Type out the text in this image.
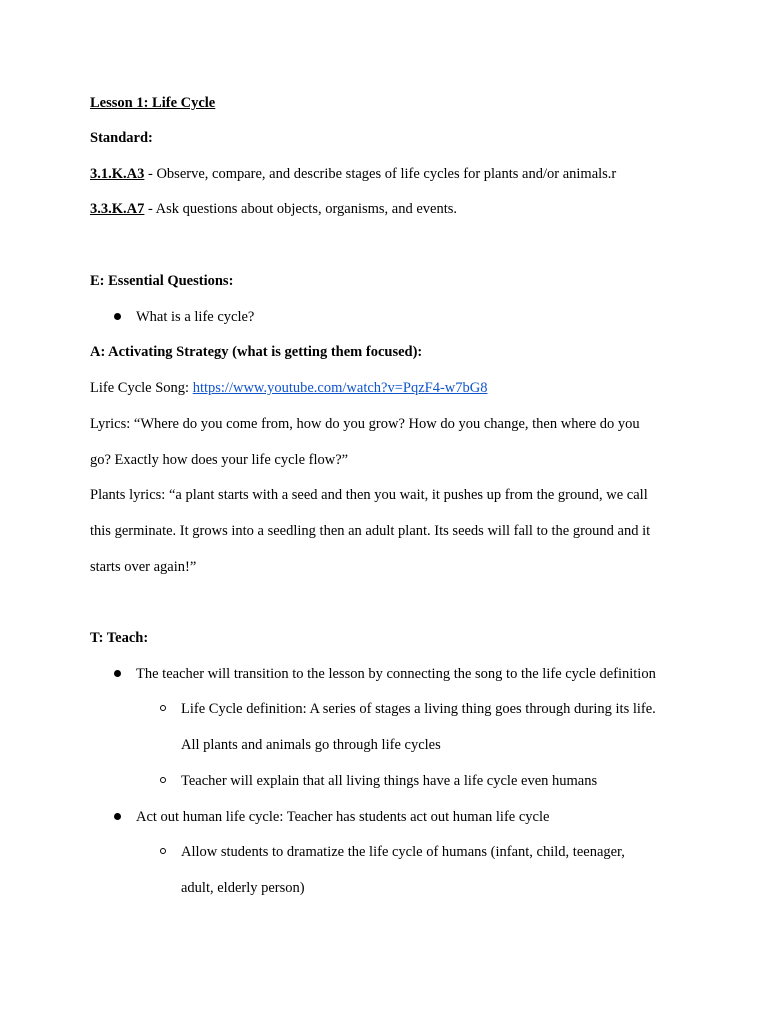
Lesson 1: Life Cycle
Standard:
3.1.K.A3 - Observe, compare, and describe stages of life cycles for plants and/or animals.r
3.3.K.A7 - Ask questions about objects, organisms, and events.
E: Essential Questions:
What is a life cycle?
A: Activating Strategy (what is getting them focused):
Life Cycle Song: https://www.youtube.com/watch?v=PqzF4-w7bG8
Lyrics: “Where do you come from, how do you grow? How do you change, then where do you
go? Exactly how does your life cycle flow?”
Plants lyrics: “a plant starts with a seed and then you wait, it pushes up from the ground, we call
this germinate. It grows into a seedling then an adult plant. Its seeds will fall to the ground and it
starts over again!”
T: Teach:
The teacher will transition to the lesson by connecting the song to the life cycle definition
Life Cycle definition: A series of stages a living thing goes through during its life.
All plants and animals go through life cycles
Teacher will explain that all living things have a life cycle even humans
Act out human life cycle: Teacher has students act out human life cycle
Allow students to dramatize the life cycle of humans (infant, child, teenager,
adult, elderly person)
